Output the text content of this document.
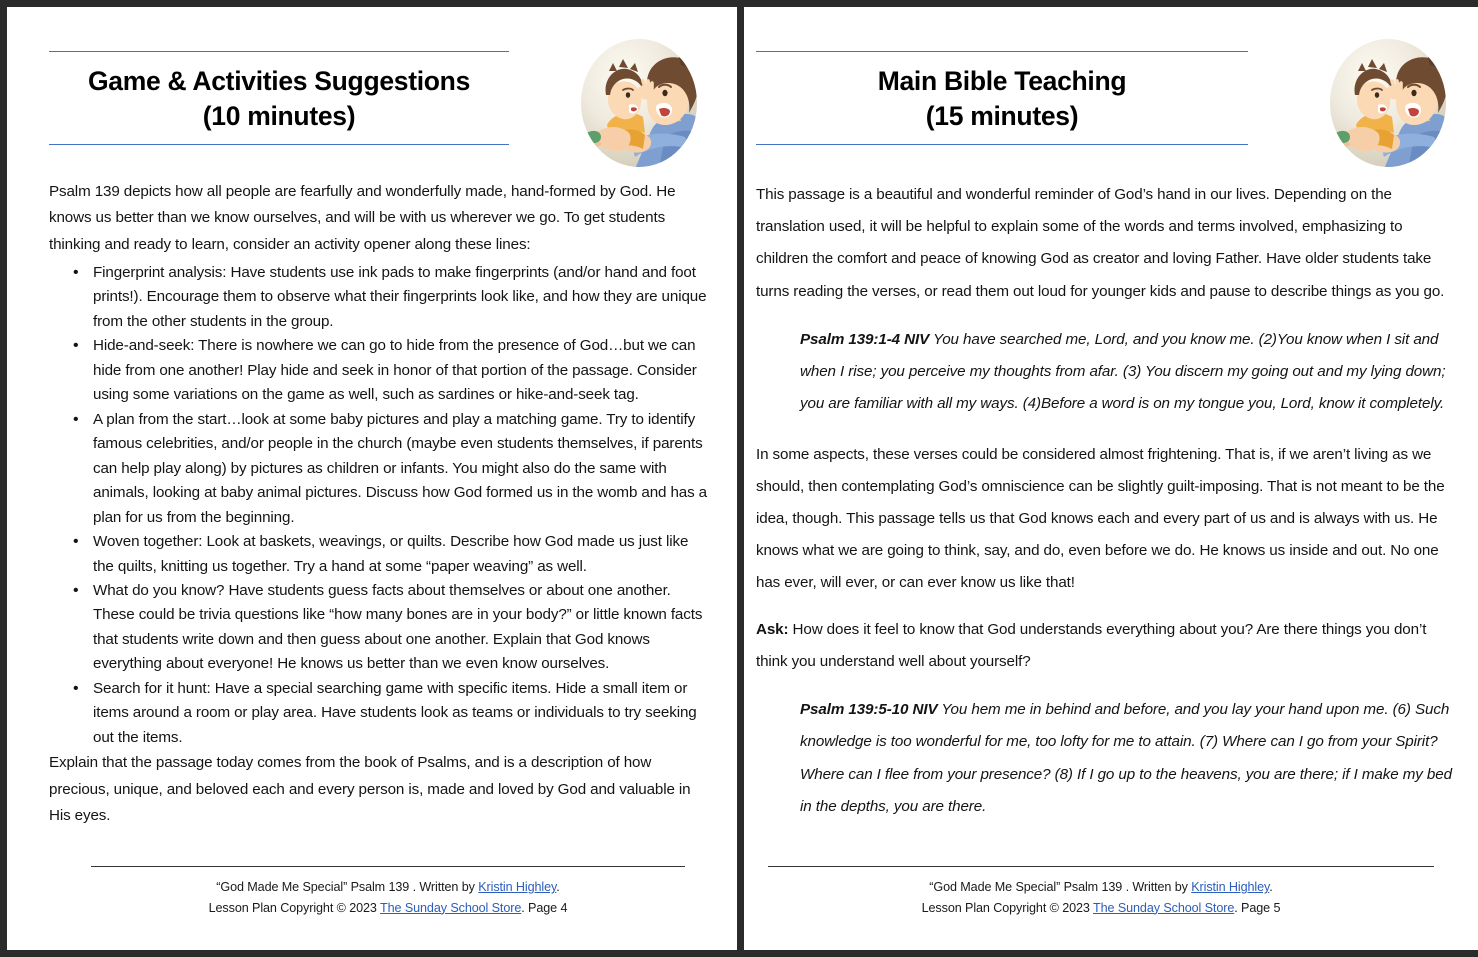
Game & Activities Suggestions
(10 minutes)

Psalm 139 depicts how all people are fearfully and wonderfully made, hand-formed by God. He knows us better than we know ourselves, and will be with us wherever we go. To get students thinking and ready to learn, consider an activity opener along these lines:

• Fingerprint analysis: Have students use ink pads to make fingerprints (and/or hand and foot prints!). Encourage them to observe what their fingerprints look like, and how they are unique from the other students in the group.
• Hide-and-seek: There is nowhere we can go to hide from the presence of God…but we can hide from one another! Play hide and seek in honor of that portion of the passage. Consider using some variations on the game as well, such as sardines or hike-and-seek tag.
• A plan from the start…look at some baby pictures and play a matching game. Try to identify famous celebrities, and/or people in the church (maybe even students themselves, if parents can help play along) by pictures as children or infants. You might also do the same with animals, looking at baby animal pictures. Discuss how God formed us in the womb and has a plan for us from the beginning.
• Woven together: Look at baskets, weavings, or quilts. Describe how God made us just like the quilts, knitting us together. Try a hand at some “paper weaving” as well.
• What do you know? Have students guess facts about themselves or about one another. These could be trivia questions like “how many bones are in your body?” or little known facts that students write down and then guess about one another. Explain that God knows everything about everyone! He knows us better than we even know ourselves.
• Search for it hunt: Have a special searching game with specific items. Hide a small item or items around a room or play area. Have students look as teams or individuals to try seeking out the items.

Explain that the passage today comes from the book of Psalms, and is a description of how precious, unique, and beloved each and every person is, made and loved by God and valuable in His eyes.

“God Made Me Special” Psalm 139 . Written by Kristin Highley.
Lesson Plan Copyright © 2023 The Sunday School Store. Page 4
Main Bible Teaching
(15 minutes)

This passage is a beautiful and wonderful reminder of God’s hand in our lives. Depending on the translation used, it will be helpful to explain some of the words and terms involved, emphasizing to children the comfort and peace of knowing God as creator and loving Father. Have older students take turns reading the verses, or read them out loud for younger kids and pause to describe things as you go.

Psalm 139:1-4 NIV You have searched me, Lord, and you know me. (2)You know when I sit and when I rise; you perceive my thoughts from afar. (3) You discern my going out and my lying down; you are familiar with all my ways. (4)Before a word is on my tongue you, Lord, know it completely.

In some aspects, these verses could be considered almost frightening. That is, if we aren’t living as we should, then contemplating God’s omniscience can be slightly guilt-imposing. That is not meant to be the idea, though. This passage tells us that God knows each and every part of us and is always with us. He knows what we are going to think, say, and do, even before we do. He knows us inside and out. No one has ever, will ever, or can ever know us like that!

Ask: How does it feel to know that God understands everything about you? Are there things you don’t think you understand well about yourself?

Psalm 139:5-10 NIV You hem me in behind and before, and you lay your hand upon me. (6) Such knowledge is too wonderful for me, too lofty for me to attain. (7) Where can I go from your Spirit? Where can I flee from your presence? (8) If I go up to the heavens, you are there; if I make my bed in the depths, you are there.
“God Made Me Special” Psalm 139 . Written by Kristin Highley.
Lesson Plan Copyright © 2023 The Sunday School Store. Page 5
